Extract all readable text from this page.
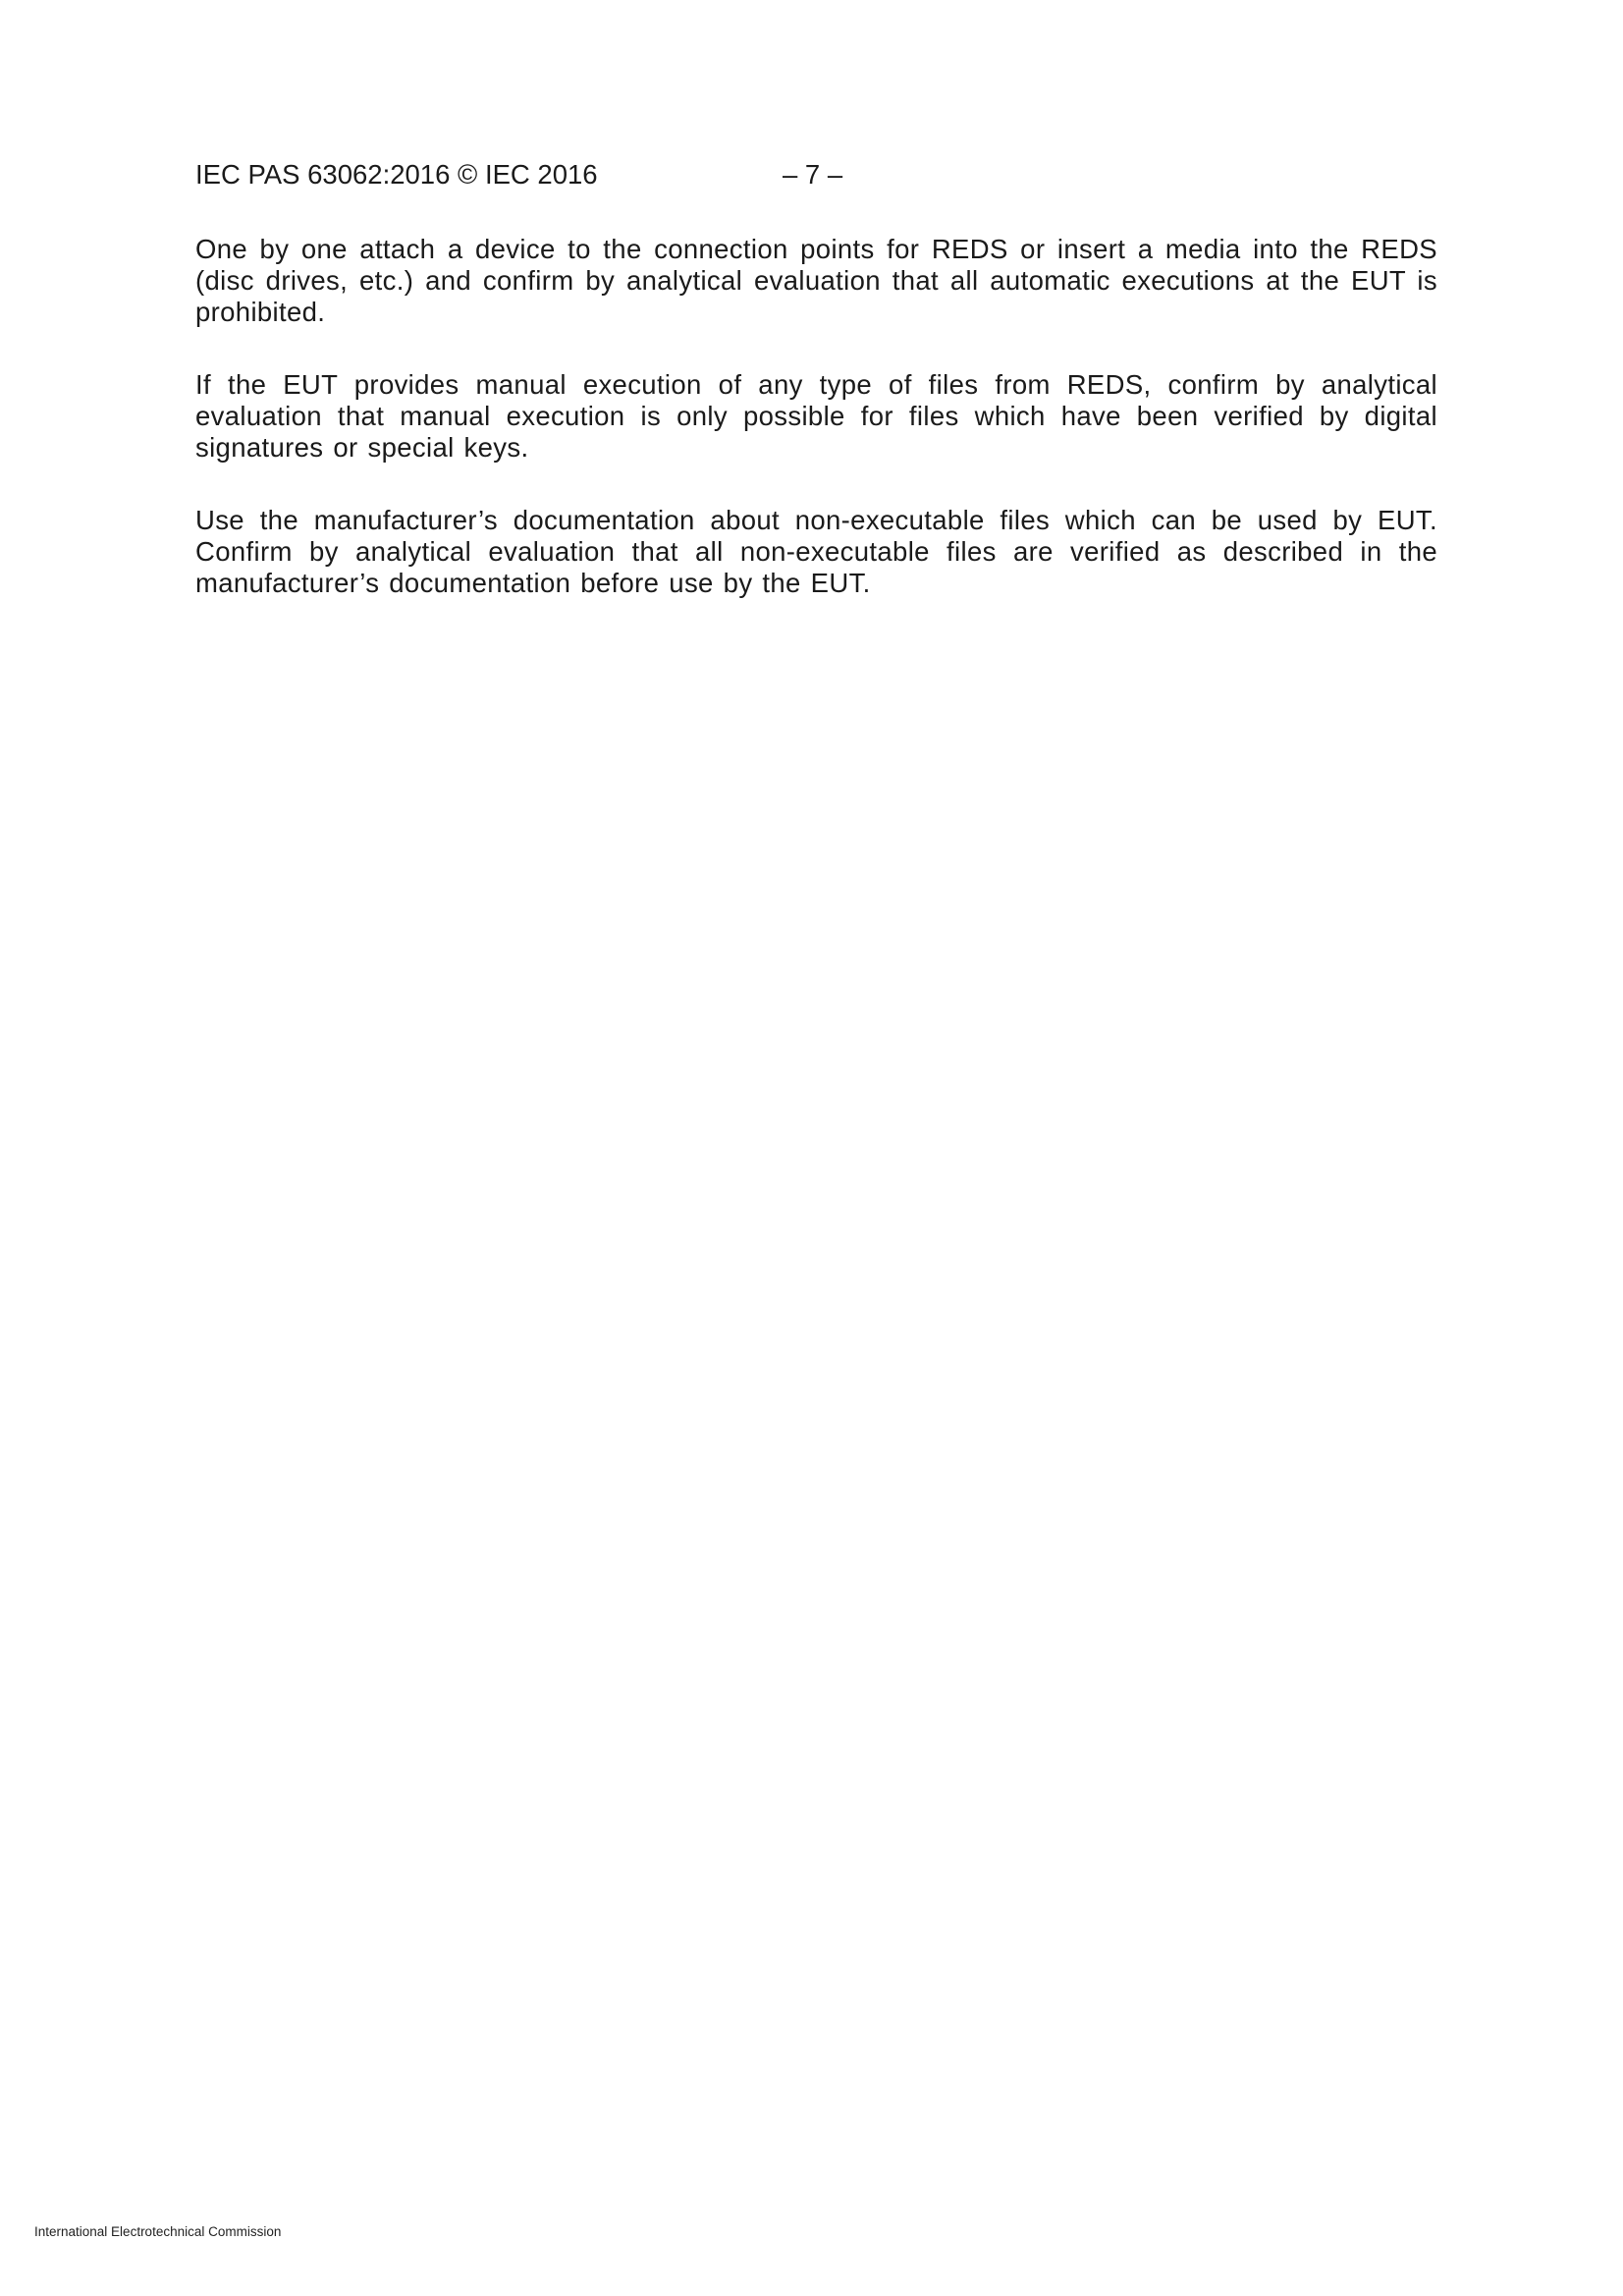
IEC PAS 63062:2016 © IEC 2016	– 7 –

One by one attach a device to the connection points for REDS or insert a media into the REDS (disc drives, etc.) and confirm by analytical evaluation that all automatic executions at the EUT is prohibited.

If the EUT provides manual execution of any type of files from REDS, confirm by analytical evaluation that manual execution is only possible for files which have been verified by digital signatures or special keys.

Use the manufacturer’s documentation about non-executable files which can be used by EUT. Confirm by analytical evaluation that all non-executable files are verified as described in the manufacturer’s documentation before use by the EUT.

International Electrotechnical Commission
